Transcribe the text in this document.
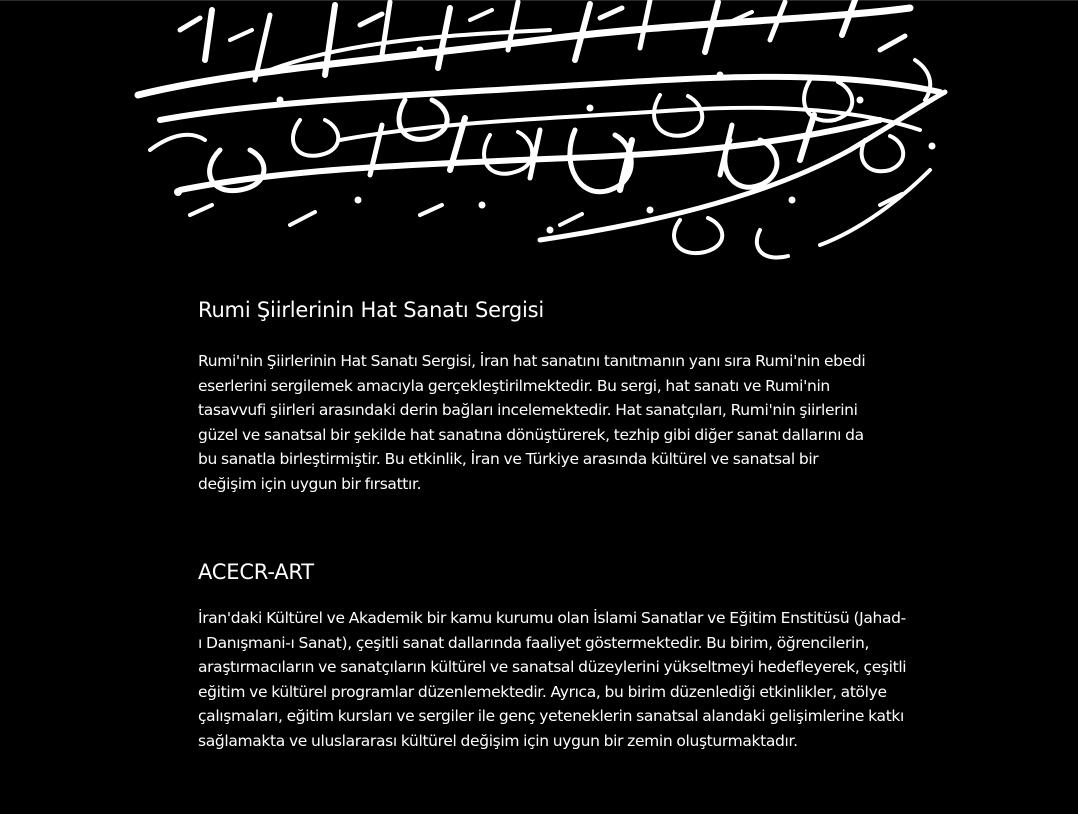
Rumi Şiirlerinin Hat Sanatı Sergisi

Rumi'nin Şiirlerinin Hat Sanatı Sergisi, İran hat sanatını tanıtmanın yanı sıra Rumi'nin ebedi eserlerini sergilemek amacıyla gerçekleştirilmektedir. Bu sergi, hat sanatı ve Rumi'nin tasavvufi şiirleri arasındaki derin bağları incelemektedir. Hat sanatçıları, Rumi'nin şiirlerini güzel ve sanatsal bir şekilde hat sanatına dönüştürerek, tezhip gibi diğer sanat dallarını da bu sanatla birleştirmiştir. Bu etkinlik, İran ve Türkiye arasında kültürel ve sanatsal bir değişim için uygun bir fırsattır.

ACECR-ART

İran'daki Kültürel ve Akademik bir kamu kurumu olan İslami Sanatlar ve Eğitim Enstitüsü (Jahad-ı Danışmani-ı Sanat), çeşitli sanat dallarında faaliyet göstermektedir. Bu birim, öğrencilerin, araştırmacıların ve sanatçıların kültürel ve sanatsal düzeylerini yükseltmeyi hedefleyerek, çeşitli eğitim ve kültürel programlar düzenlemektedir. Ayrıca, bu birim düzenlediği etkinlikler, atölye çalışmaları, eğitim kursları ve sergiler ile genç yeteneklerin sanatsal alandaki gelişimlerine katkı sağlamakta ve uluslararası kültürel değişim için uygun bir zemin oluşturmaktadır.
